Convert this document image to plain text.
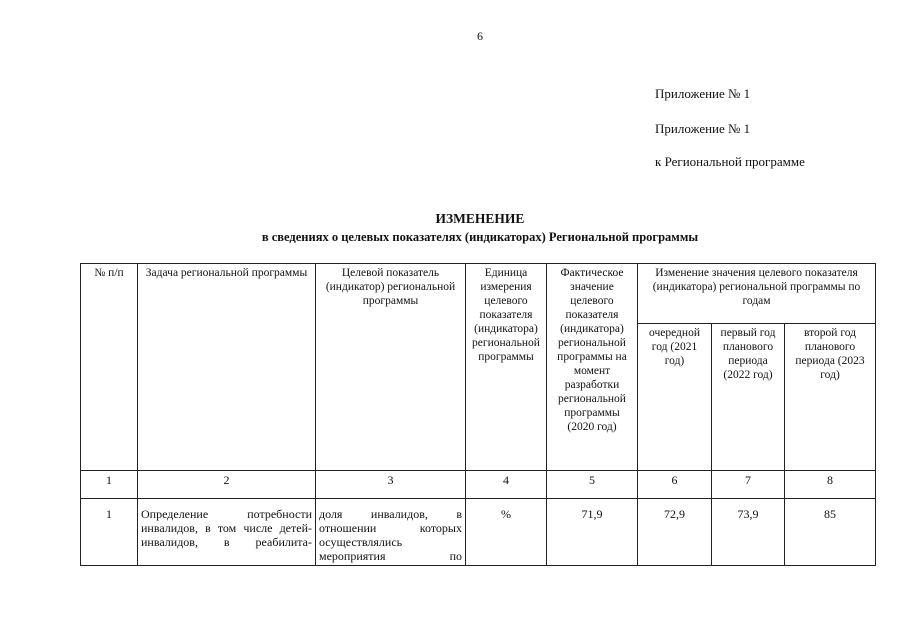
6
Приложение № 1
Приложение № 1
к Региональной программе
ИЗМЕНЕНИЕ
в сведениях о целевых показателях (индикаторах) Региональной программы
№ п/п	Задача региональной программы	Целевой показатель (индикатор) региональной программы	Единица измерения целевого показателя (индикатора) региональной программы	Фактическое значение целевого показателя (индикатора) региональной программы на момент разработки региональной программы (2020 год)	Изменение значения целевого показателя (индикатора) региональной программы по годам		
					очередной год (2021 год)	первый год планового периода (2022 год)	второй год планового периода (2023 год)
1	2	3	4	5	6	7	8
1	Определение потребности инвалидов, в том числе детей-инвалидов, в реабилита-	доля инвалидов, в отношении которых осуществлялись мероприятия по	%	71,9	72,9	73,9	85
